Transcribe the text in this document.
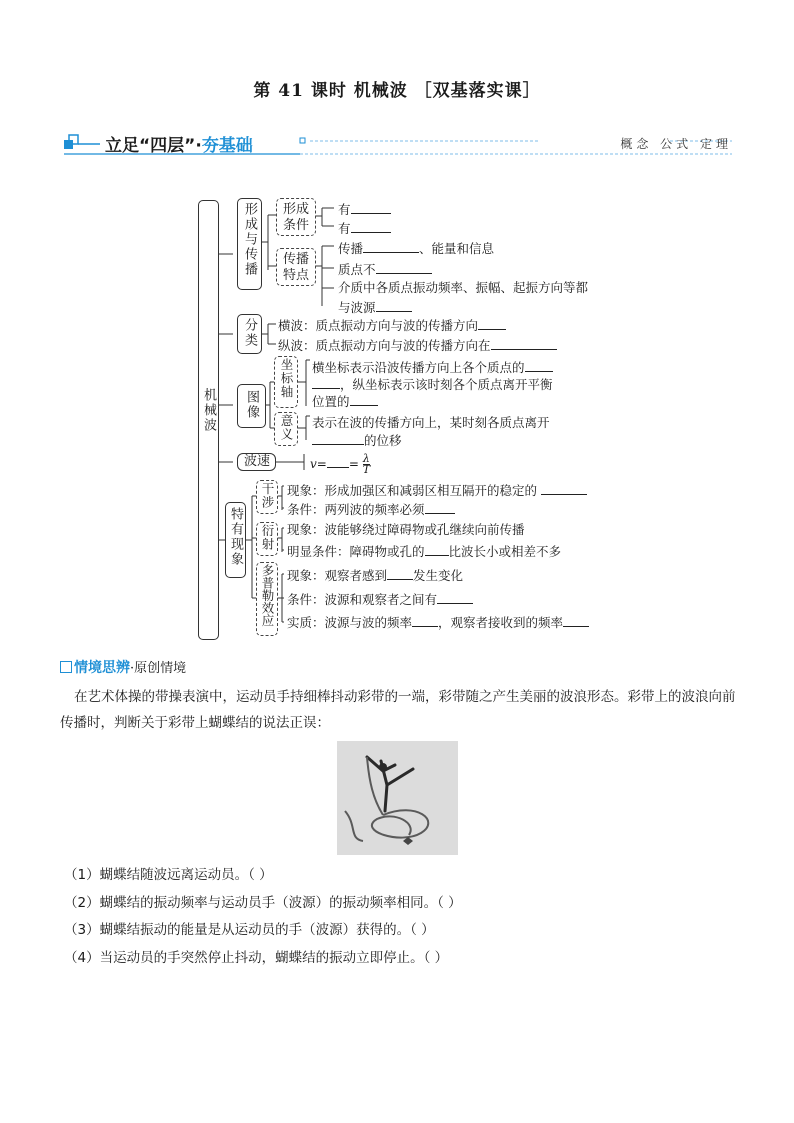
第 41 课时 机械波 ［双基落实课］
立足“四层”·夯基础	概念 公式 定理
机械波
形成与传播 形成条件
有
有
传播特点
传播	、能量和信息
质点不
介质中各质点振动频率、振幅、起振方向等都
与波源
分类 横波：质点振动方向与波的传播方向
纵波：质点振动方向与波的传播方向在
图像
坐标轴 横坐标表示沿波传播方向上各个质点的
，纵坐标表示该时刻各个质点离开平衡
位置的
意义 表示在波的传播方向上，某时刻各质点离开
的位移
波速	$v= = \frac{\lambda}{T}$
特有现象
干涉 现象：形成加强区和减弱区相互隔开的稳定的
条件：两列波的频率必须
衍射 现象：波能够绕过障碍物或孔继续向前传播
明显条件：障碍物或孔的 比波长小或相差不多
多普勒效应 现象：观察者感到 发生变化
条件：波源和观察者之间有
实质：波源与波的频率 ，观察者接收到的频率
情境思辨·原创情境
在艺术体操的带操表演中，运动员手持细棒抖动彩带的一端，彩带随之产生美丽的波浪形态。彩带上的波浪向前传播时，判断关于彩带上蝴蝶结的说法正误：
（1）蝴蝶结随波远离运动员。（ ）
（2）蝴蝶结的振动频率与运动员手（波源）的振动频率相同。（ ）
（3）蝴蝶结振动的能量是从运动员的手（波源）获得的。（ ）
（4）当运动员的手突然停止抖动，蝴蝶结的振动立即停止。（ ）
